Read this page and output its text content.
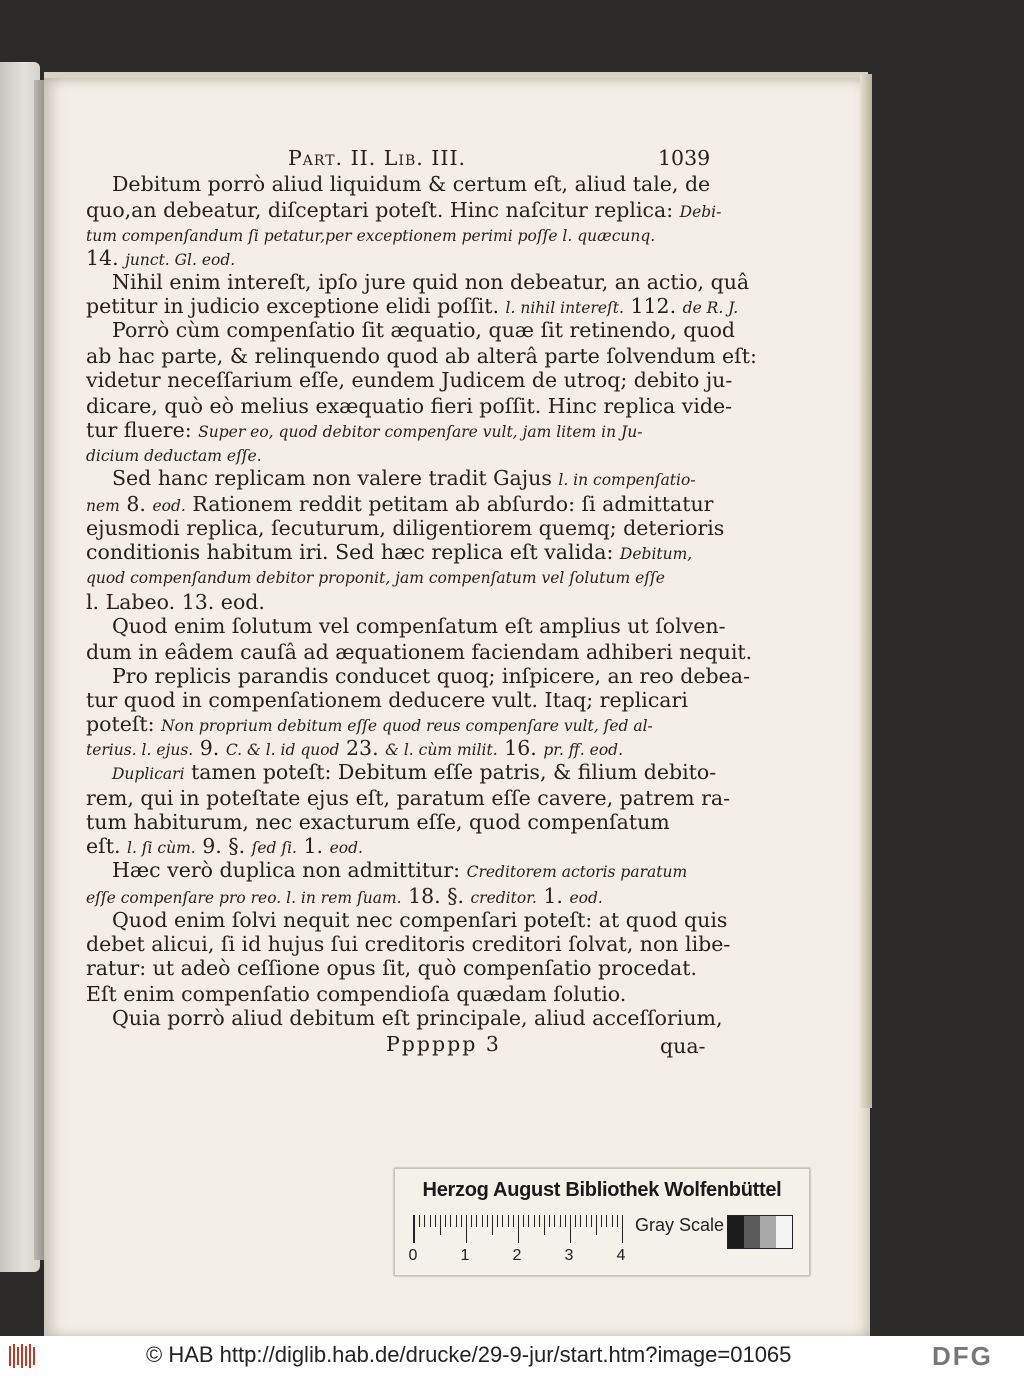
Part. II. Lib. III.	1039
Debitum porrò aliud liquidum & certum eſt, aliud tale, de
quo,an debeatur, diſceptari poteſt. Hinc naſcitur replica: Debi-
tum compenſandum ſi petatur,per exceptionem perimi poſſe l. quæcunq.
14. junct. Gl. eod.
Nihil enim intereſt, ipſo jure quid non debeatur, an actio, quâ
petitur in judicio exceptione elidi poſſit. l. nihil intereſt. 112. de R. J.
Porrò cùm compenſatio ſit æquatio, quæ ſit retinendo, quod
ab hac parte, & relinquendo quod ab alterâ parte ſolvendum eſt:
videtur neceſſarium eſſe, eundem Judicem de utroq; debito ju-
dicare, quò eò melius exæquatio fieri poſſit. Hinc replica vide-
tur fluere: Super eo, quod debitor compenſare vult, jam litem in Ju-
dicium deductam eſſe.
Sed hanc replicam non valere tradit Gajus l. in compenſatio-
nem 8. eod. Rationem reddit petitam ab abſurdo: ſi admittatur
ejusmodi replica, ſecuturum, diligentiorem quemq; deterioris
conditionis habitum iri. Sed hæc replica eſt valida: Debitum,
quod compenſandum debitor proponit, jam compenſatum vel ſolutum eſſe
l. Labeo. 13. eod.
Quod enim ſolutum vel compenſatum eſt amplius ut ſolven-
dum in eâdem cauſâ ad æquationem faciendam adhiberi nequit.
Pro replicis parandis conducet quoq; inſpicere, an reo debea-
tur quod in compenſationem deducere vult. Itaq; replicari
poteſt: Non proprium debitum eſſe quod reus compenſare vult, ſed al-
terius. l. ejus. 9. C. & l. id quod 23. & l. cùm milit. 16. pr. ff. eod.
Duplicari tamen poteſt: Debitum eſſe patris, & filium debito-
rem, qui in poteſtate ejus eſt, paratum eſſe cavere, patrem ra-
tum habiturum, nec exacturum eſſe, quod compenſatum
eſt. l. ſi cùm. 9. §. ſed ſi. 1. eod.
Hæc verò duplica non admittitur: Creditorem actoris paratum
eſſe compenſare pro reo. l. in rem ſuam. 18. §. creditor. 1. eod.
Quod enim ſolvi nequit nec compenſari poteſt: at quod quis
debet alicui, ſi id hujus ſui creditoris creditori ſolvat, non libe-
ratur: ut adeò ceſſione opus ſit, quò compenſatio procedat.
Eſt enim compenſatio compendioſa quædam ſolutio.
Quia porrò aliud debitum eſt principale, aliud acceſſorium,
Pppppp 3	qua-
Herzog August Bibliothek Wolfenbüttel
0	1	2	3	4
Gray Scale
© HAB http://diglib.hab.de/drucke/29-9-jur/start.htm?image=01065	DFG
